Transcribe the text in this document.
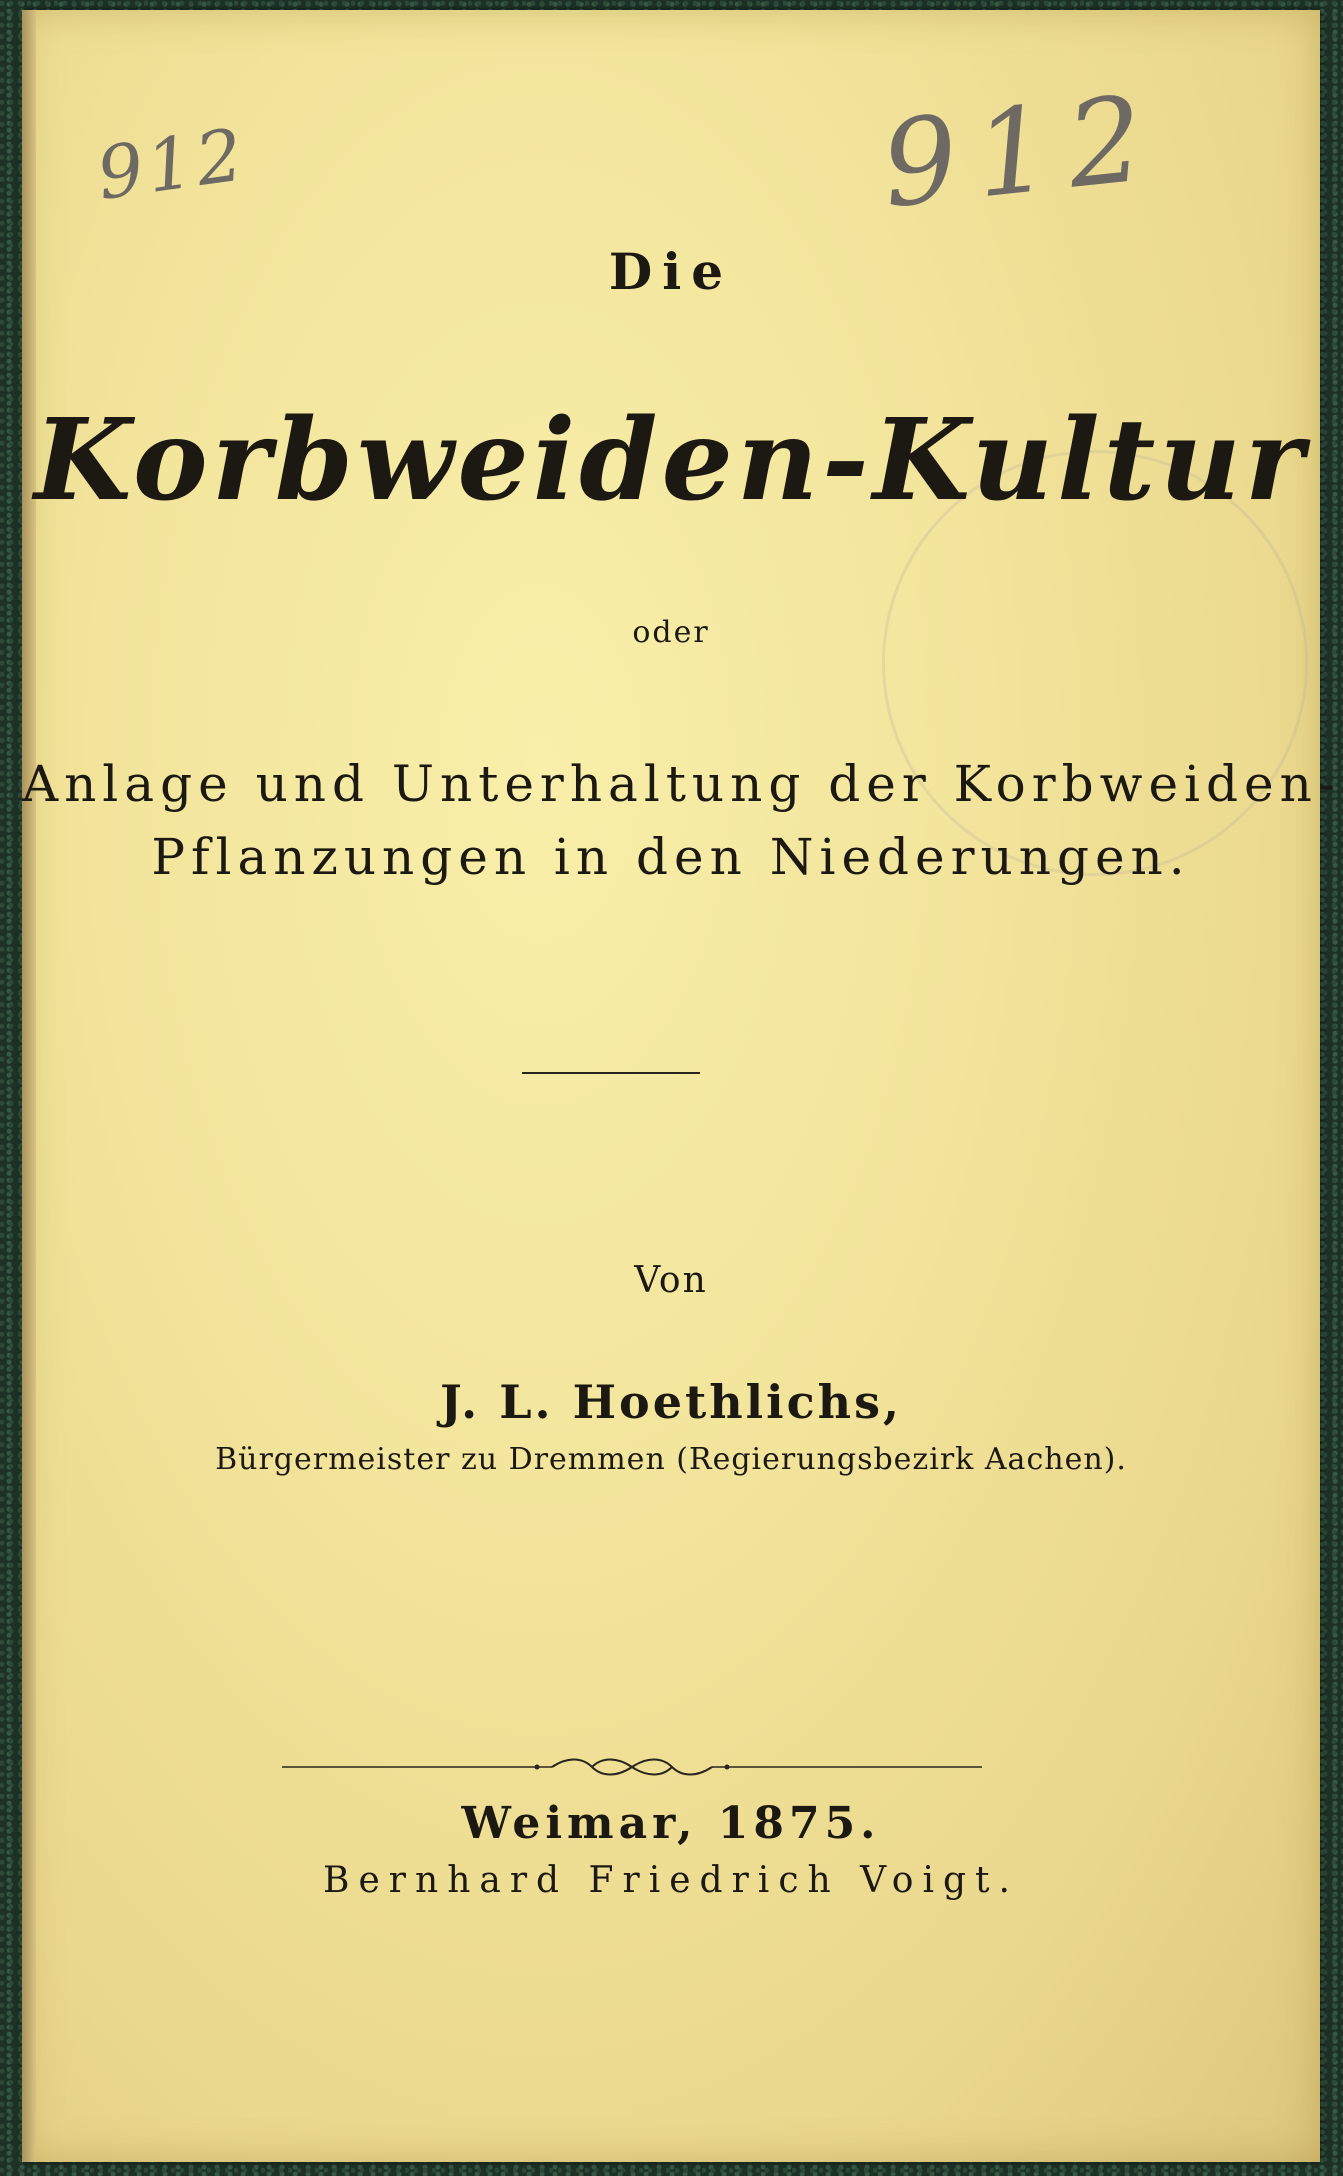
912	912
Die
Korbweiden-Kultur
oder
Anlage und Unterhaltung der Korbweiden-
Pflanzungen in den Niederungen.
Von
J. L. Hoethlichs,
Bürgermeister zu Dremmen (Regierungsbezirk Aachen).
Weimar, 1875.
Bernhard Friedrich Voigt.
